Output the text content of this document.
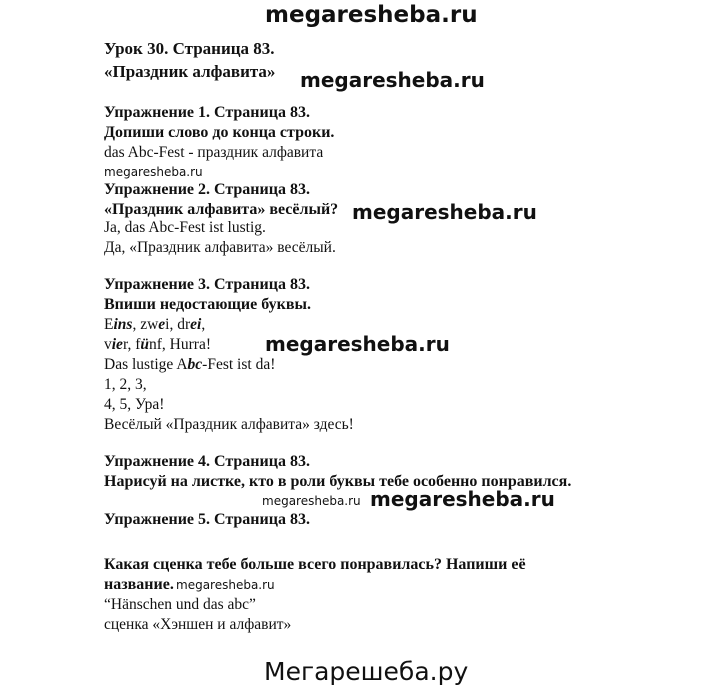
megaresheba.ru
Урок 30. Страница 83.
«Праздник алфавита» megaresheba.ru
Упражнение 1. Страница 83.
Допиши слово до конца строки.
das Abc-Fest - праздник алфавита
megaresheba.ru
Упражнение 2. Страница 83.
«Праздник алфавита» весёлый? megaresheba.ru
Ja, das Abc-Fest ist lustig.
Да, «Праздник алфавита» весёлый.
Упражнение 3. Страница 83.
Впиши недостающие буквы.
Eins, zwei, drei,
vier, fünf, Hurra!	megaresheba.ru
Das lustige Abc-Fest ist da!
1, 2, 3,
4, 5, Ура!
Весёлый «Праздник алфавита» здесь!
Упражнение 4. Страница 83.
Нарисуй на листке, кто в роли буквы тебе особенно понравился.
megaresheba.ru megaresheba.ru
Упражнение 5. Страница 83.
Какая сценка тебе больше всего понравилась? Напиши её
название. megaresheba.ru
“Hänschen und das abc”
сценка «Хэншен и алфавит»
Мегарешеба.ру
